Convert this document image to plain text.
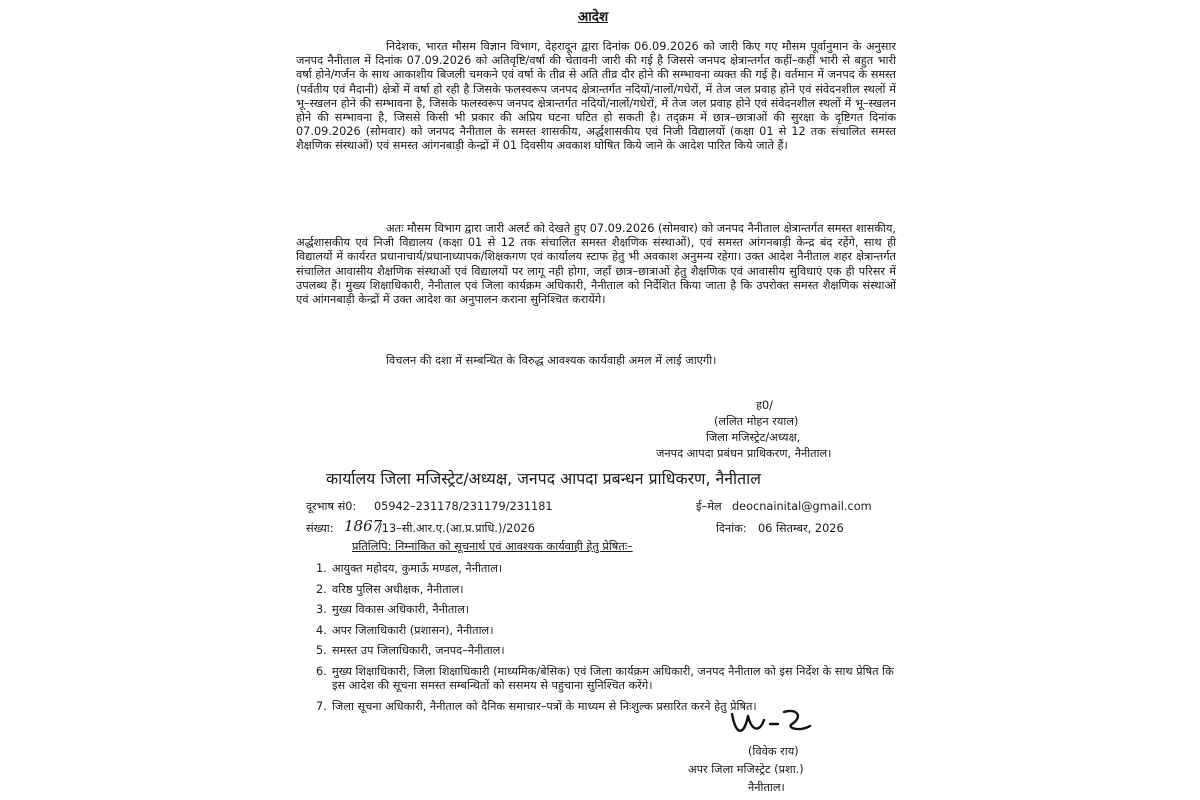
आदेश
निदेशक, भारत मौसम विज्ञान विभाग, देहरादून द्वारा दिनांक 06.09.2026 को जारी किए गए मौसम पूर्वानुमान के अनुसार जनपद नैनीताल में दिनांक 07.09.2026 को अतिवृष्टि/वर्षा की चेतावनी जारी की गई है जिससे जनपद क्षेत्रान्तर्गत कहीं–कहीं भारी से बहुत भारी वर्षा होने/गर्जन के साथ आकाशीय बिजली चमकने एवं वर्षा के तीव्र से अति तीव्र दौर होने की सम्भावना व्यक्त की गई है। वर्तमान में जनपद के समस्त (पर्वतीय एवं मैदानी) क्षेत्रों में वर्षा हो रही है जिसके फलस्वरूप जनपद क्षेत्रान्तर्गत नदियों/नालों/गधेरों, में तेज जल प्रवाह होने एवं संवेदनशील स्थलों में भू–स्खलन होने की सम्भावना है, जिसके फलस्वरूप जनपद क्षेत्रान्तर्गत नदियों/नालों/गधेरों, में तेज जल प्रवाह होने एवं संवेदनशील स्थलों में भू–स्खलन होने की सम्भावना है, जिससे किसी भी प्रकार की अप्रिय घटना घटित हो सकती है। तद्क्रम में छात्र–छात्राओं की सुरक्षा के दृष्टिगत दिनांक 07.09.2026 (सोमवार) को जनपद नैनीताल के समस्त शासकीय, अर्द्धशासकीय एवं निजी विद्यालयों (कक्षा 01 से 12 तक संचालित समस्त शैक्षणिक संस्थाओं) एवं समस्त आंगनबाड़ी केन्द्रों में 01 दिवसीय अवकाश घोषित किये जाने के आदेश पारित किये जाते हैं।
अतः मौसम विभाग द्वारा जारी अलर्ट को देखते हुए 07.09.2026 (सोमवार) को जनपद नैनीताल क्षेत्रान्तर्गत समस्त शासकीय, अर्द्धशासकीय एवं निजी विद्यालय (कक्षा 01 से 12 तक संचालित समस्त शैक्षणिक संस्थाओं), एवं समस्त आंगनबाड़ी केन्द्र बंद रहेंगे, साथ ही विद्यालयों में कार्यरत प्रधानाचार्य/प्रधानाध्यापक/शिक्षकगण एवं कार्यालय स्टाफ हेतु भी अवकाश अनुमन्य रहेगा। उक्त आदेश नैनीताल शहर क्षेत्रान्तर्गत संचालित आवासीय शैक्षणिक संस्थाओं एवं विद्यालयों पर लागू नही होगा, जहाँ छात्र–छात्राओं हेतु शैक्षणिक एवं आवासीय सुविधाएं एक ही परिसर में उपलब्ध हैं। मुख्य शिक्षाधिकारी, नैनीताल एवं जिला कार्यक्रम अधिकारी, नैनीताल को निर्देशित किया जाता है कि उपरोक्त समस्त शैक्षणिक संस्थाओं एवं आंगनबाड़ी केन्द्रों में उक्त आदेश का अनुपालन कराना सुनिश्चित करायेंगे।
विचलन की दशा में सम्बन्धित के विरुद्ध आवश्यक कार्यवाही अमल में लाई जाएगी।
ह0/
(ललित मोहन रयाल)
जिला मजिस्ट्रेट/अध्यक्ष,
जनपद आपदा प्रबंधन प्राधिकरण, नैनीताल।
कार्यालय जिला मजिस्ट्रेट/अध्यक्ष, जनपद आपदा प्रबन्धन प्राधिकरण, नैनीताल
दूरभाष सं0: 05942–231178/231179/231181	ई–मेल deocnainital@gmail.com
संख्या: 1867
/13–सी.आर.ए.(आ.प्र.प्राधि.)/2026	दिनांक: 06 सितम्बर, 2026
प्रतिलिपि: निम्नांकित को सूचनार्थ एवं आवश्यक कार्यवाही हेतु प्रेषितः–
1. आयुक्त महोदय, कुमाऊँ मण्डल, नैनीताल।
2. वरिष्ठ पुलिस अधीक्षक, नैनीताल।
3. मुख्य विकास अधिकारी, नैनीताल।
4. अपर जिलाधिकारी (प्रशासन), नैनीताल।
5. समस्त उप जिलाधिकारी, जनपद–नैनीताल।
6. मुख्य शिक्षाधिकारी, जिला शिक्षाधिकारी (माध्यमिक/बेसिक) एवं जिला कार्यक्रम अधिकारी, जनपद नैनीताल को इस निर्देश के साथ प्रेषित कि इस आदेश की सूचना समस्त सम्बन्धितों को ससमय से पहुचाना सुनिश्चित करेंगे।
7. जिला सूचना अधिकारी, नैनीताल को दैनिक समाचार–पत्रों के माध्यम से निःशुल्क प्रसारित करने हेतु प्रेषित।
(विवेक राय)
अपर जिला मजिस्ट्रेट (प्रशा.)
नैनीताल।
